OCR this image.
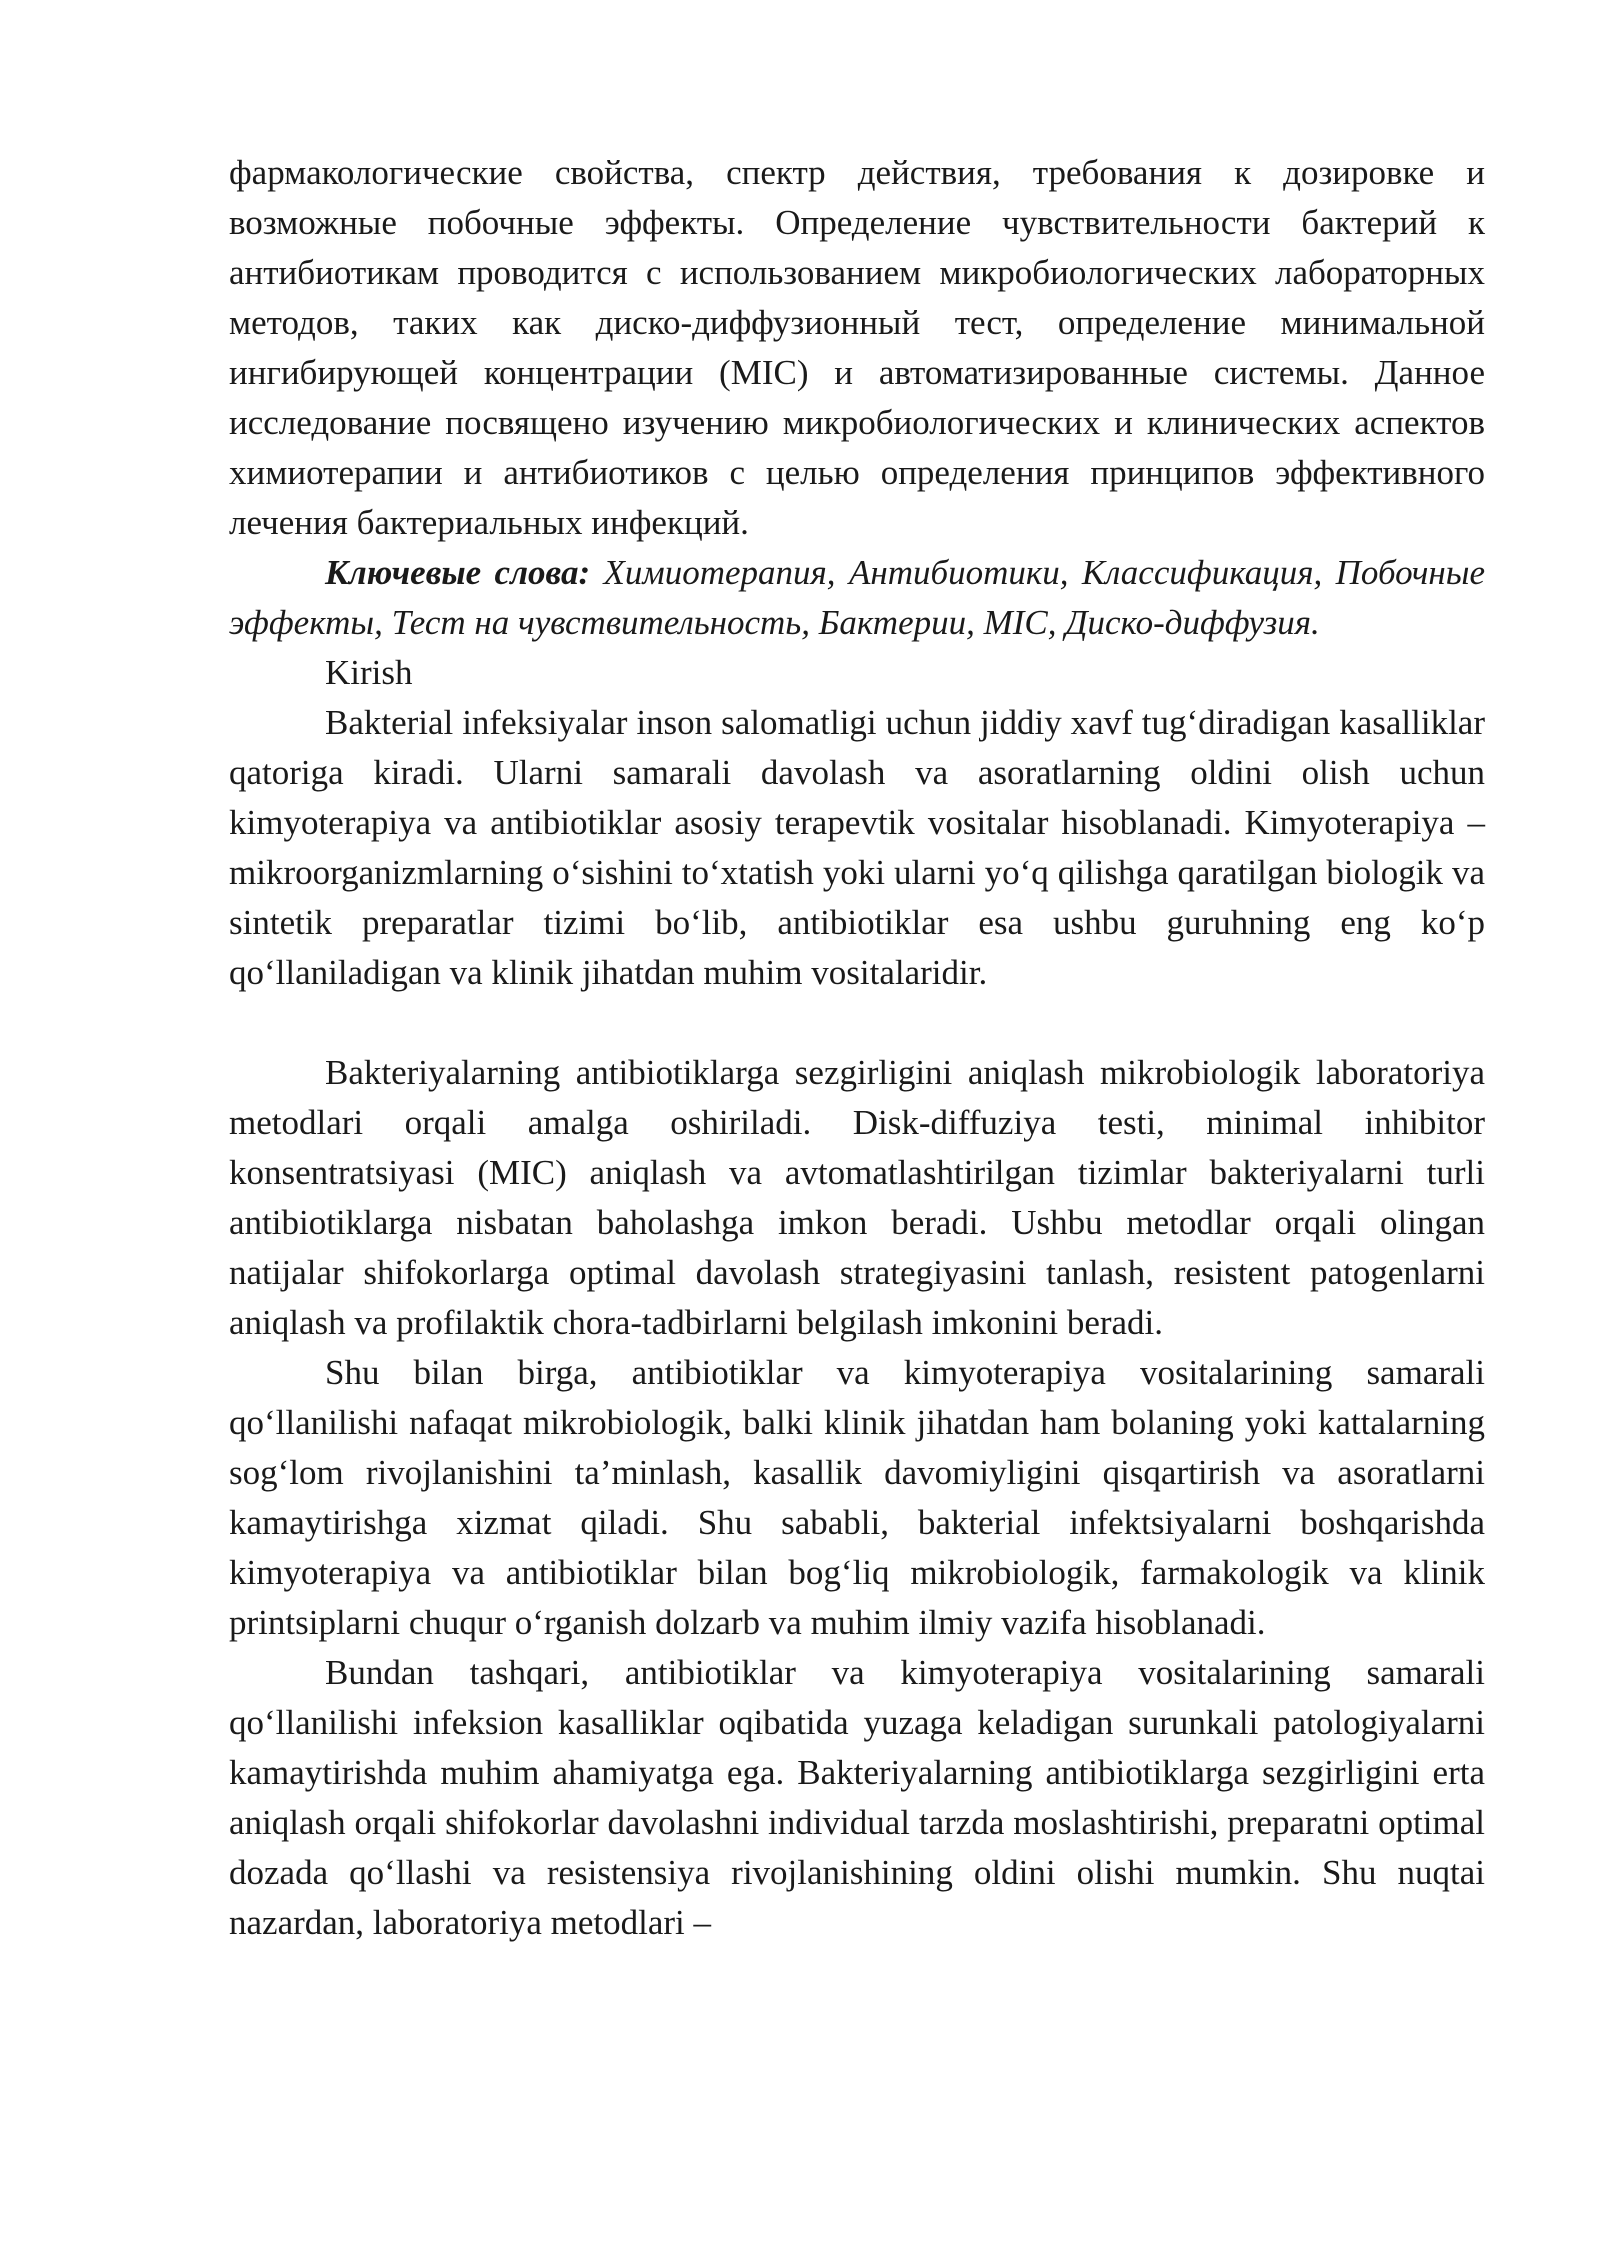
фармакологические свойства, спектр действия, требования к дозировке и возможные побочные эффекты. Определение чувствительности бактерий к антибиотикам проводится с использованием микробиологических лабораторных методов, таких как диско-диффузионный тест, определение минимальной ингибирующей концентрации (MIC) и автоматизированные системы. Данное исследование посвящено изучению микробиологических и клинических аспектов химиотерапии и антибиотиков с целью определения принципов эффективного лечения бактериальных инфекций.

Ключевые слова: Химиотерапия, Антибиотики, Классификация, Побочные эффекты, Тест на чувствительность, Бактерии, MIC, Диско-диффузия.

Kirish

Bakterial infeksiyalar inson salomatligi uchun jiddiy xavf tug‘diradigan kasalliklar qatoriga kiradi. Ularni samarali davolash va asoratlarning oldini olish uchun kimyoterapiya va antibiotiklar asosiy terapevtik vositalar hisoblanadi. Kimyoterapiya – mikroorganizmlarning o‘sishini to‘xtatish yoki ularni yo‘q qilishga qaratilgan biologik va sintetik preparatlar tizimi bo‘lib, antibiotiklar esa ushbu guruhning eng ko‘p qo‘llaniladigan va klinik jihatdan muhim vositalaridir.

Bakteriyalarning antibiotiklarga sezgirligini aniqlash mikrobiologik laboratoriya metodlari orqali amalga oshiriladi. Disk-diffuziya testi, minimal inhibitor konsentratsiyasi (MIC) aniqlash va avtomatlashtirilgan tizimlar bakteriyalarni turli antibiotiklarga nisbatan baholashga imkon beradi. Ushbu metodlar orqali olingan natijalar shifokorlarga optimal davolash strategiyasini tanlash, resistent patogenlarni aniqlash va profilaktik chora-tadbirlarni belgilash imkonini beradi.

Shu bilan birga, antibiotiklar va kimyoterapiya vositalarining samarali qo‘llanilishi nafaqat mikrobiologik, balki klinik jihatdan ham bolaning yoki kattalarning sog‘lom rivojlanishini ta’minlash, kasallik davomiyligini qisqartirish va asoratlarni kamaytirishga xizmat qiladi. Shu sababli, bakterial infektsiyalarni boshqarishda kimyoterapiya va antibiotiklar bilan bog‘liq mikrobiologik, farmakologik va klinik printsiplarni chuqur o‘rganish dolzarb va muhim ilmiy vazifa hisoblanadi.

Bundan tashqari, antibiotiklar va kimyoterapiya vositalarining samarali qo‘llanilishi infeksion kasalliklar oqibatida yuzaga keladigan surunkali patologiyalarni kamaytirishda muhim ahamiyatga ega. Bakteriyalarning antibiotiklarga sezgirligini erta aniqlash orqali shifokorlar davolashni individual tarzda moslashtirishi, preparatni optimal dozada qo‘llashi va resistensiya rivojlanishining oldini olishi mumkin. Shu nuqtai nazardan, laboratoriya metodlari –
